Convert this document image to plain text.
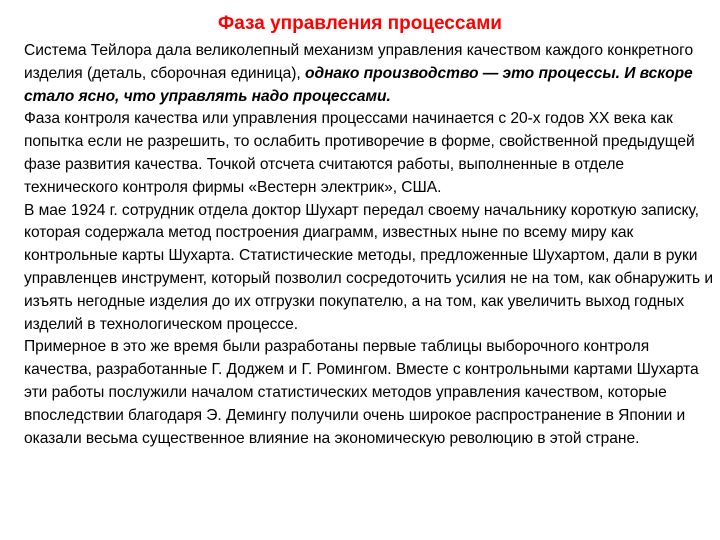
Фаза управления процессами

Система Тейлора дала великолепный механизм управления качеством каждого конкретного изделия (деталь, сборочная единица), однако производство — это процессы. И вскоре стало ясно, что управлять надо процессами.

Фаза контроля качества или управления процессами начинается с 20-х годов XX века как попытка если не разрешить, то ослабить противоречие в форме, свойственной предыдущей фазе развития качества. Точкой отсчета считаются работы, выполненные в отделе технического контроля фирмы «Вестерн электрик», США.

В мае 1924 г. сотрудник отдела доктор Шухарт передал своему начальнику короткую записку, которая содержала метод построения диаграмм, известных ныне по всему миру как контрольные карты Шухарта. Статистические методы, предложенные Шухартом, дали в руки управленцев инструмент, который позволил сосредоточить усилия не на том, как обнаружить и изъять негодные изделия до их отгрузки покупателю, а на том, как увеличить выход годных изделий в технологическом процессе.

Примерное в это же время были разработаны первые таблицы выборочного контроля качества, разработанные Г. Доджем и Г. Ромингом. Вместе с контрольными картами Шухарта эти работы послужили началом статистических методов управления качеством, которые впоследствии благодаря Э. Демингу получили очень широкое распространение в Японии и оказали весьма существенное влияние на экономическую революцию в этой стране.
